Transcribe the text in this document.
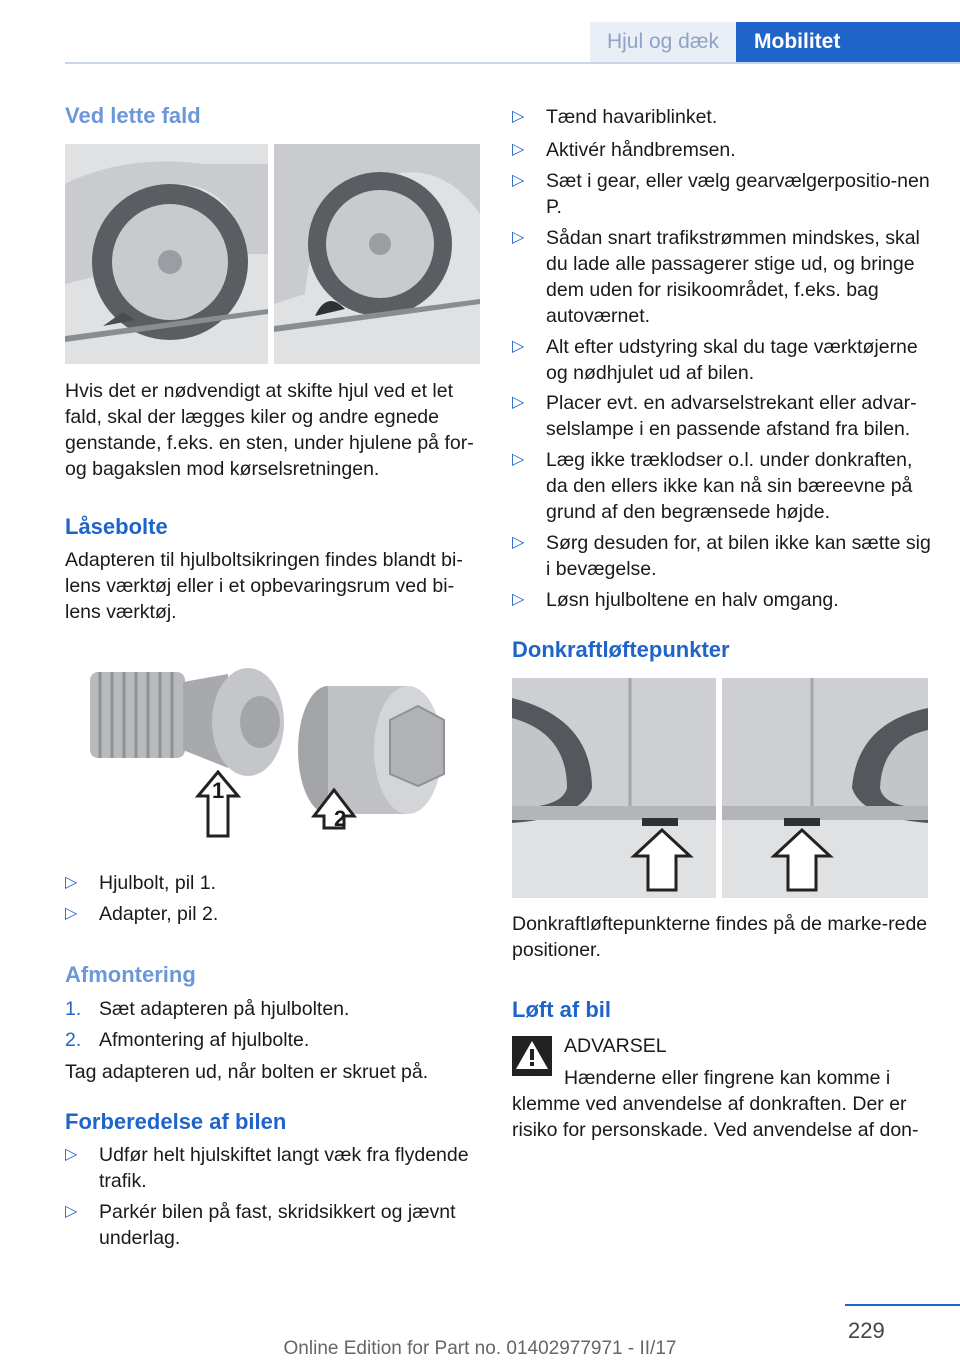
Hjul og dæk	Mobilitet
Ved lette fald
Hvis det er nødvendigt at skifte hjul ved et let fald, skal der lægges kiler og andre egnede genstande, f.eks. en sten, under hjulene på for- og bagakslen mod kørselsretningen.
Låsebolte
Adapteren til hjulboltsikringen findes blandt bi-lens værktøj eller i et opbevaringsrum ved bi-lens værktøj.
1
2
▷ Hjulbolt, pil 1.
▷ Adapter, pil 2.
Afmontering
1. Sæt adapteren på hjulbolten.
2. Afmontering af hjulbolte.
Tag adapteren ud, når bolten er skruet på.
Forberedelse af bilen
▷ Udfør helt hjulskiftet langt væk fra flydende trafik.
▷ Parkér bilen på fast, skridsikkert og jævnt underlag.
▷ Tænd havariblinket.
▷ Aktivér håndbremsen.
▷ Sæt i gear, eller vælg gearvælgerpositio-nen P.
▷ Sådan snart trafikstrømmen mindskes, skal du lade alle passagerer stige ud, og bringe dem uden for risikoområdet, f.eks. bag autoværnet.
▷ Alt efter udstyring skal du tage værktøjerne og nødhjulet ud af bilen.
▷ Placer evt. en advarselstrekant eller advar-selslampe i en passende afstand fra bilen.
▷ Læg ikke træklodser o.l. under donkraften, da den ellers ikke kan nå sin bæreevne på grund af den begrænsede højde.
▷ Sørg desuden for, at bilen ikke kan sætte sig i bevægelse.
▷ Løsn hjulboltene en halv omgang.
Donkraftløftepunkter
Donkraftløftepunkterne findes på de marke-rede positioner.
Løft af bil
ADVARSEL
Hænderne eller fingrene kan komme i klemme ved anvendelse af donkraften. Der er risiko for personskade. Ved anvendelse af don-
229
Online Edition for Part no. 01402977971 - II/17
